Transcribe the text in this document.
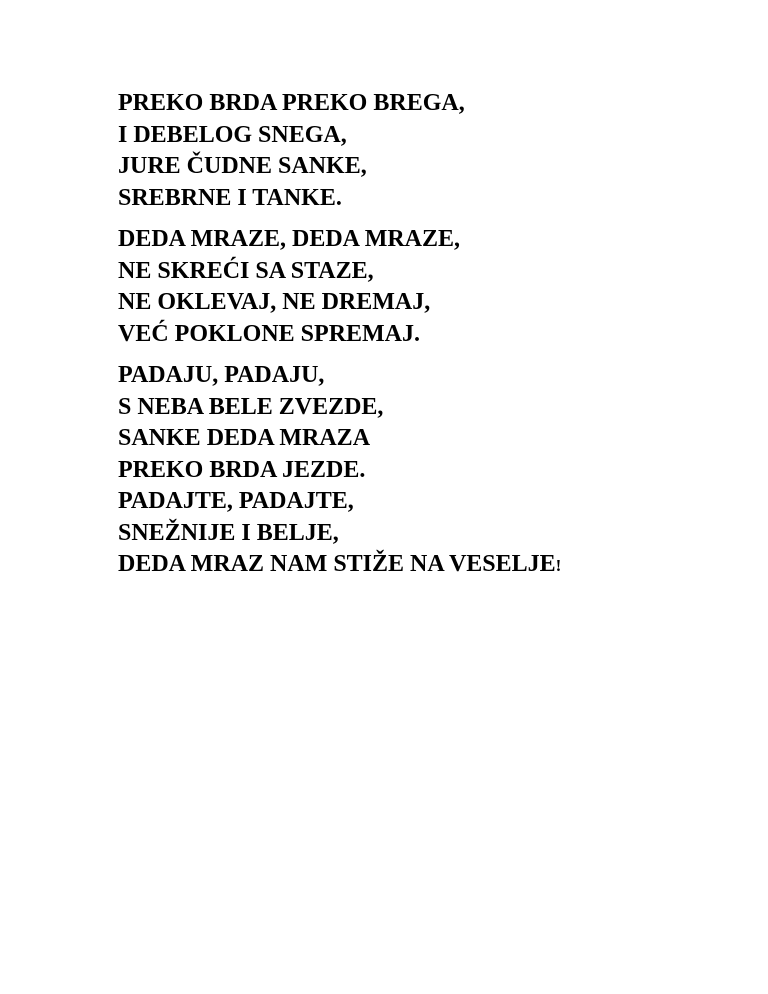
PREKO BRDA PREKO BREGA,
I DEBELOG SNEGA,
JURE ČUDNE SANKE,
SREBRNE I TANKE.
DEDA MRAZE, DEDA MRAZE,
NE SKREĆI SA STAZE,
NE OKLEVAJ, NE DREMAJ,
VEĆ POKLONE SPREMAJ.
PADAJU, PADAJU,
S NEBA BELE ZVEZDE,
SANKE DEDA MRAZA
PREKO BRDA JEZDE.
PADAJTE, PADAJTE,
SNEŽNIJE I BELJE,
DEDA MRAZ NAM STIŽE NA VESELJE!
